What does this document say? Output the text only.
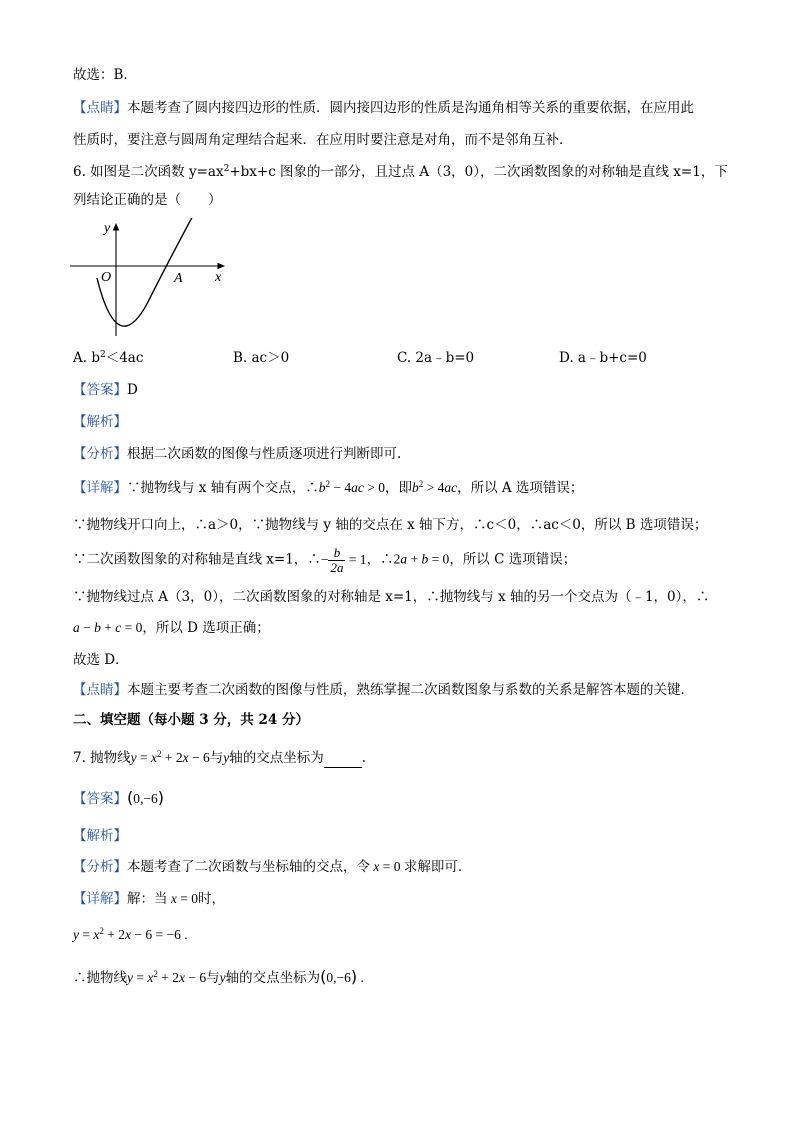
故选：B．
【点睛】本题考查了圆内接四边形的性质．圆内接四边形的性质是沟通角相等关系的重要依据，在应用此
性质时，要注意与圆周角定理结合起来．在应用时要注意是对角，而不是邻角互补．
6. 如图是二次函数 $y=ax^2+bx+c$ 图象的一部分，且过点 A（3，0），二次函数图象的对称轴是直线 x=1，下
列结论正确的是（　　）
y
x
O	A
A. $b^2<4ac$	B. ac＞0	C. 2a﹣b=0	D. a﹣b+c=0
【答案】D
【解析】
【分析】根据二次函数的图像与性质逐项进行判断即可.
【详解】∵抛物线与 x 轴有两个交点，$\therefore b^2 - 4ac > 0$，即$b^2 > 4ac$，所以 A 选项错误；
∵抛物线开口向上，∴a＞0，∵抛物线与 y 轴的交点在 x 轴下方，∴c＜0，∴ac＜0，所以 B 选项错误；
∵二次函数图象的对称轴是直线 x=1，∴− $\frac{b}{2a} = 1$，∴2a + b = 0，所以 C 选项错误；
∵抛物线过点 A（3，0），二次函数图象的对称轴是 x=1，∴抛物线与 x 轴的另一个交点为（﹣1，0），∴
a − b + c = 0，所以 D 选项正确；
故选 D．
【点睛】本题主要考查二次函数的图像与性质，熟练掌握二次函数图象与系数的关系是解答本题的关键．
二、填空题（每小题 3 分，共 24 分）
7. 抛物线$y = x^2 + 2x - 6$与y轴的交点坐标为	.
【答案】(0,−6)
【解析】
【分析】本题考查了二次函数与坐标轴的交点，令 x = 0 求解即可．
【详解】解：当 x = 0时，
$y = x^2 + 2x - 6 = -6$ .
∴抛物线$y = x^2 + 2x - 6$与y轴的交点坐标为(0,−6) .
